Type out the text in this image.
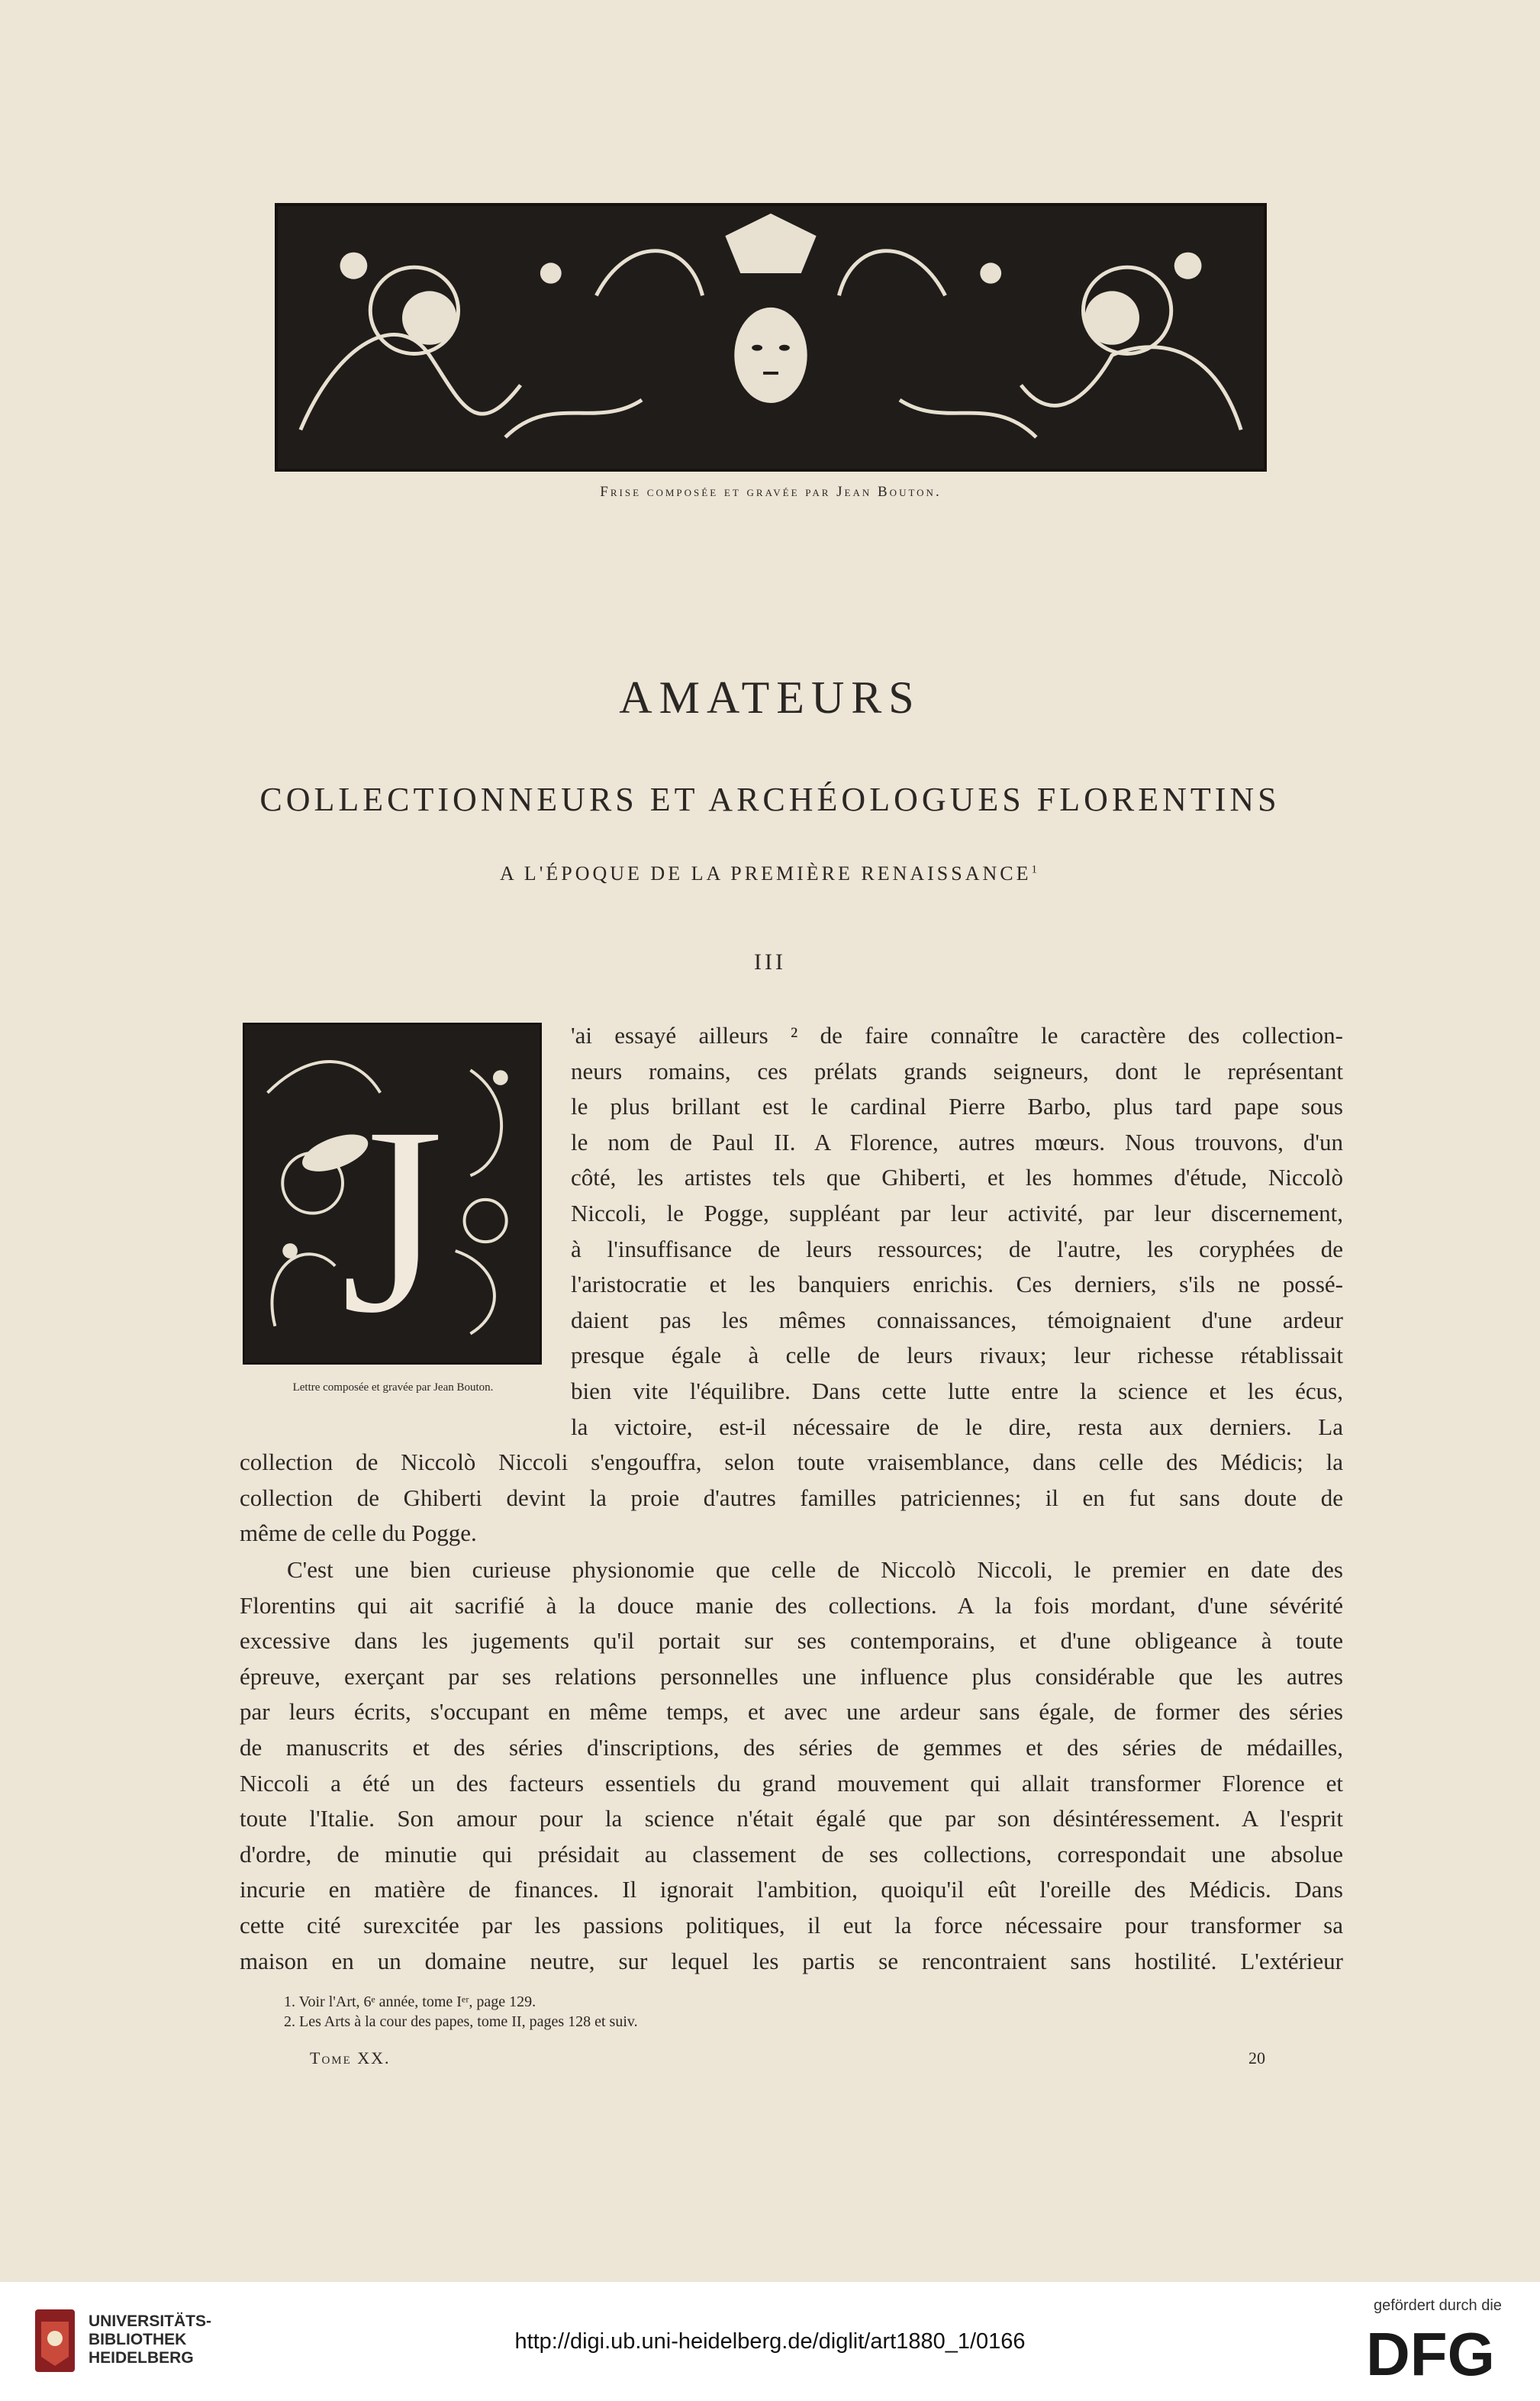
Frise composée et gravée par Jean Bouton.
AMATEURS
COLLECTIONNEURS ET ARCHÉOLOGUES FLORENTINS
A L'ÉPOQUE DE LA PREMIÈRE RENAISSANCE$^1$
III
J
Lettre composée et gravée par Jean Bouton.
'ai essayé ailleurs ² de faire connaître le caractère des collection-
neurs romains, ces prélats grands seigneurs, dont le représentant
le plus brillant est le cardinal Pierre Barbo, plus tard pape sous
le nom de Paul II. A Florence, autres mœurs. Nous trouvons, d'un
côté, les artistes tels que Ghiberti, et les hommes d'étude, Niccolò
Niccoli, le Pogge, suppléant par leur activité, par leur discernement,
à l'insuffisance de leurs ressources; de l'autre, les coryphées de
l'aristocratie et les banquiers enrichis. Ces derniers, s'ils ne possé-
daient pas les mêmes connaissances, témoignaient d'une ardeur
presque égale à celle de leurs rivaux; leur richesse rétablissait
bien vite l'équilibre. Dans cette lutte entre la science et les écus,
la victoire, est-il nécessaire de le dire, resta aux derniers. La
collection de Niccolò Niccoli s'engouffra, selon toute vraisemblance, dans celle des Médicis; la
collection de Ghiberti devint la proie d'autres familles patriciennes; il en fut sans doute de
même de celle du Pogge.
C'est une bien curieuse physionomie que celle de Niccolò Niccoli, le premier en date des
Florentins qui ait sacrifié à la douce manie des collections. A la fois mordant, d'une sévérité
excessive dans les jugements qu'il portait sur ses contemporains, et d'une obligeance à toute
épreuve, exerçant par ses relations personnelles une influence plus considérable que les autres
par leurs écrits, s'occupant en même temps, et avec une ardeur sans égale, de former des séries
de manuscrits et des séries d'inscriptions, des séries de gemmes et des séries de médailles,
Niccoli a été un des facteurs essentiels du grand mouvement qui allait transformer Florence et
toute l'Italie. Son amour pour la science n'était égalé que par son désintéressement. A l'esprit
d'ordre, de minutie qui présidait au classement de ses collections, correspondait une absolue
incurie en matière de finances. Il ignorait l'ambition, quoiqu'il eût l'oreille des Médicis. Dans
cette cité surexcitée par les passions politiques, il eut la force nécessaire pour transformer sa
maison en un domaine neutre, sur lequel les partis se rencontraient sans hostilité. L'extérieur
1. Voir l'Art, 6ᵉ année, tome Iᵉʳ, page 129.
2. Les Arts à la cour des papes, tome II, pages 128 et suiv.
Tome XX.	20
UNIVERSITÄTS-
BIBLIOTHEK
HEIDELBERG
http://digi.ub.uni-heidelberg.de/diglit/art1880_1/0166
gefördert durch die
DFG
